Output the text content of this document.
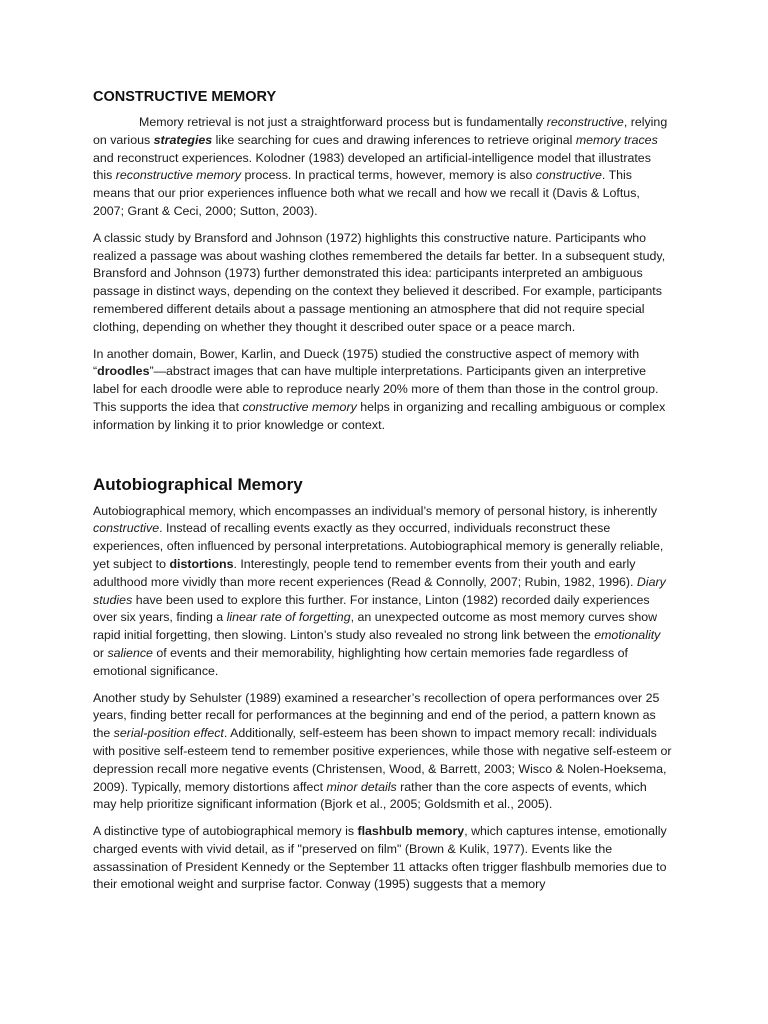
CONSTRUCTIVE MEMORY

Memory retrieval is not just a straightforward process but is fundamentally reconstructive, relying on various strategies like searching for cues and drawing inferences to retrieve original memory traces and reconstruct experiences. Kolodner (1983) developed an artificial-intelligence model that illustrates this reconstructive memory process. In practical terms, however, memory is also constructive. This means that our prior experiences influence both what we recall and how we recall it (Davis & Loftus, 2007; Grant & Ceci, 2000; Sutton, 2003).

A classic study by Bransford and Johnson (1972) highlights this constructive nature. Participants who realized a passage was about washing clothes remembered the details far better. In a subsequent study, Bransford and Johnson (1973) further demonstrated this idea: participants interpreted an ambiguous passage in distinct ways, depending on the context they believed it described. For example, participants remembered different details about a passage mentioning an atmosphere that did not require special clothing, depending on whether they thought it described outer space or a peace march.

In another domain, Bower, Karlin, and Dueck (1975) studied the constructive aspect of memory with “droodles”—abstract images that can have multiple interpretations. Participants given an interpretive label for each droodle were able to reproduce nearly 20% more of them than those in the control group. This supports the idea that constructive memory helps in organizing and recalling ambiguous or complex information by linking it to prior knowledge or context.

Autobiographical Memory

Autobiographical memory, which encompasses an individual’s memory of personal history, is inherently constructive. Instead of recalling events exactly as they occurred, individuals reconstruct these experiences, often influenced by personal interpretations. Autobiographical memory is generally reliable, yet subject to distortions. Interestingly, people tend to remember events from their youth and early adulthood more vividly than more recent experiences (Read & Connolly, 2007; Rubin, 1982, 1996). Diary studies have been used to explore this further. For instance, Linton (1982) recorded daily experiences over six years, finding a linear rate of forgetting, an unexpected outcome as most memory curves show rapid initial forgetting, then slowing. Linton’s study also revealed no strong link between the emotionality or salience of events and their memorability, highlighting how certain memories fade regardless of emotional significance.

Another study by Sehulster (1989) examined a researcher’s recollection of opera performances over 25 years, finding better recall for performances at the beginning and end of the period, a pattern known as the serial-position effect. Additionally, self-esteem has been shown to impact memory recall: individuals with positive self-esteem tend to remember positive experiences, while those with negative self-esteem or depression recall more negative events (Christensen, Wood, & Barrett, 2003; Wisco & Nolen-Hoeksema, 2009). Typically, memory distortions affect minor details rather than the core aspects of events, which may help prioritize significant information (Bjork et al., 2005; Goldsmith et al., 2005).

A distinctive type of autobiographical memory is flashbulb memory, which captures intense, emotionally charged events with vivid detail, as if "preserved on film" (Brown & Kulik, 1977). Events like the assassination of President Kennedy or the September 11 attacks often trigger flashbulb memories due to their emotional weight and surprise factor. Conway (1995) suggests that a memory
